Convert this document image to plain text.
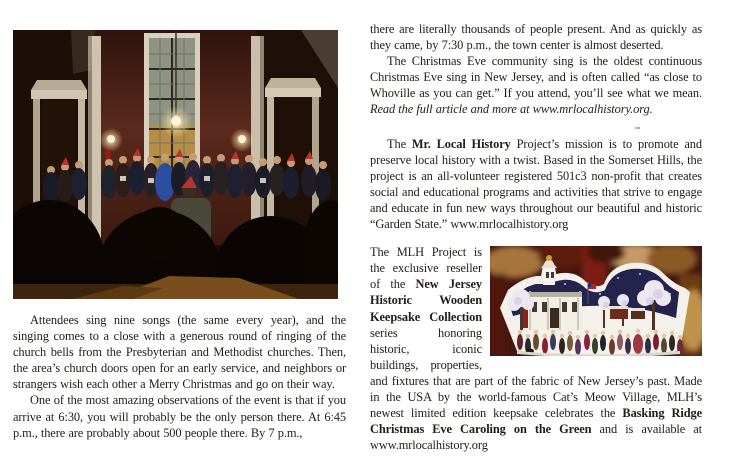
Attendees sing nine songs (the same every year), and the singing comes to a close with a generous round of ringing of the church bells from the Presbyterian and Methodist churches. Then, the area’s church doors open for an early service, and neighbors or strangers wish each other a Merry Christmas and go on their way.

One of the most amazing observations of the event is that if you arrive at 6:30, you will probably be the only person there. At 6:45 p.m., there are probably about 500 people there. By 7 p.m.,

there are literally thousands of people present. And as quickly as they came, by 7:30 p.m., the town center is almost deserted.

The Christmas Eve community sing is the oldest continuous Christmas Eve sing in New Jersey, and is often called “as close to Whoville as you can get.” If you attend, you’ll see what we mean. Read the full article and more at www.mrlocalhistory.org.

The Mr. Local History Project’s mission is to promote and preserve local history with a twist. Based in the Somerset Hills, the project is an all-volunteer registered 501c3 non-profit that creates social and educational programs and activities that strive to engage and educate in fun new ways throughout our beautiful and historic “Garden State.” www.mrlocalhistory.org

The MLH Project is the exclusive reseller of the New Jersey Historic Wooden Keepsake Collection series honoring historic, iconic buildings, properties, and fixtures that are part of the fabric of New Jersey’s past. Made in the USA by the world-famous Cat’s Meow Village, MLH’s newest limited edition keepsake celebrates the Basking Ridge Christmas Eve Caroling on the Green and is available at www.mrlocalhistory.org
